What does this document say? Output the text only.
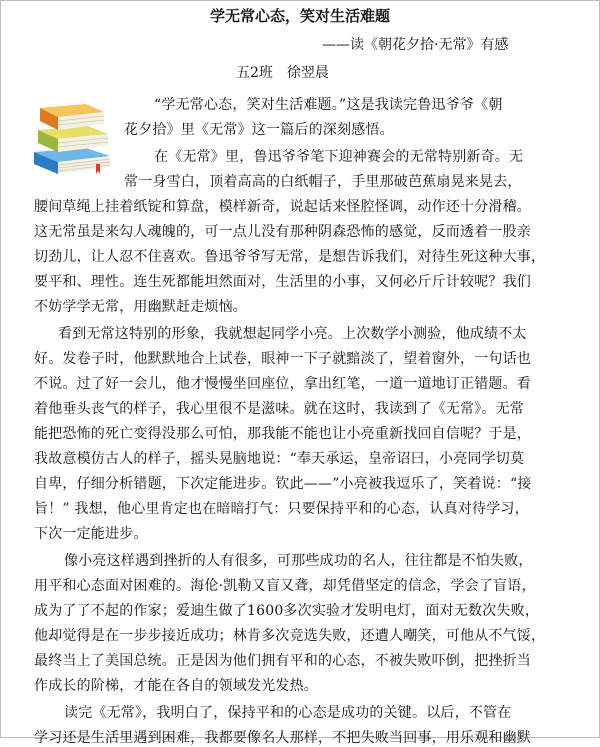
学无常心态，笑对生活难题
——读《朝花夕拾·无常》有感
五2班　徐翌晨
“学无常心态，笑对生活难题。”这是我读完鲁迅爷爷《朝
花夕拾》里《无常》这一篇后的深刻感悟。
在《无常》里，鲁迅爷爷笔下迎神赛会的无常特别新奇。无
常一身雪白，顶着高高的白纸帽子，手里那破芭蕉扇晃来晃去，
腰间草绳上挂着纸锭和算盘，模样新奇，说起话来怪腔怪调，动作还十分滑稽。
这无常虽是来勾人魂魄的，可一点儿没有那种阴森恐怖的感觉，反而透着一股亲
切劲儿，让人忍不住喜欢。鲁迅爷爷写无常，是想告诉我们，对待生死这种大事，
要平和、理性。连生死都能坦然面对，生活里的小事，又何必斤斤计较呢？我们
不妨学学无常，用幽默赶走烦恼。
看到无常这特别的形象，我就想起同学小亮。上次数学小测验，他成绩不太
好。发卷子时，他默默地合上试卷，眼神一下子就黯淡了，望着窗外，一句话也
不说。过了好一会儿，他才慢慢坐回座位，拿出红笔，一道一道地订正错题。看
着他垂头丧气的样子，我心里很不是滋味。就在这时，我读到了《无常》。无常
能把恐怖的死亡变得没那么可怕，那我能不能也让小亮重新找回自信呢？于是，
我故意模仿古人的样子，摇头晃脑地说：“奉天承运，皇帝诏曰，小亮同学切莫
自卑，仔细分析错题，下次定能进步。钦此——”小亮被我逗乐了，笑着说：“接
旨！” 我想，他心里肯定也在暗暗打气：只要保持平和的心态，认真对待学习，
下次一定能进步。
像小亮这样遇到挫折的人有很多，可那些成功的名人，往往都是不怕失败，
用平和心态面对困难的。海伦·凯勒又盲又聋，却凭借坚定的信念，学会了盲语，
成为了了不起的作家；爱迪生做了1600多次实验才发明电灯，面对无数次失败，
他却觉得是在一步步接近成功；林肯多次竞选失败，还遭人嘲笑，可他从不气馁，
最终当上了美国总统。正是因为他们拥有平和的心态，不被失败吓倒，把挫折当
作成长的阶梯，才能在各自的领域发光发热。
读完《无常》，我明白了，保持平和的心态是成功的关键。以后，不管在
学习还是生活里遇到困难，我都要像名人那样，不把失败当回事，用乐观和幽默
